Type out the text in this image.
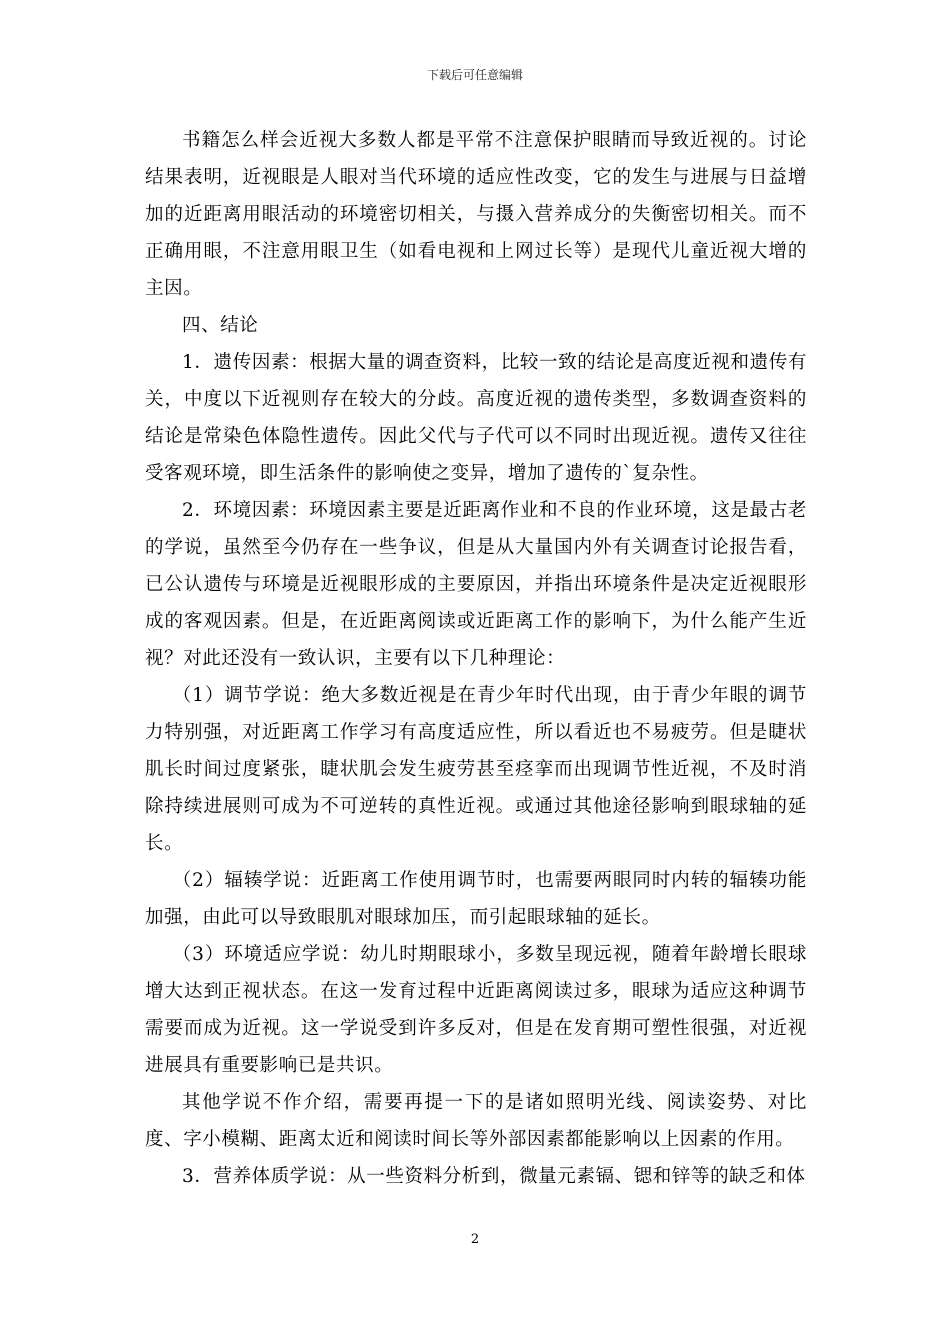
下载后可任意编辑

书籍怎么样会近视大多数人都是平常不注意保护眼睛而导致近视的。讨论结果表明，近视眼是人眼对当代环境的适应性改变，它的发生与进展与日益增加的近距离用眼活动的环境密切相关，与摄入营养成分的失衡密切相关。而不正确用眼，不注意用眼卫生（如看电视和上网过长等）是现代儿童近视大增的主因。

四、结论

1．遗传因素：根据大量的调查资料，比较一致的结论是高度近视和遗传有关，中度以下近视则存在较大的分歧。高度近视的遗传类型，多数调查资料的结论是常染色体隐性遗传。因此父代与子代可以不同时出现近视。遗传又往往受客观环境，即生活条件的影响使之变异，增加了遗传的`复杂性。

2．环境因素：环境因素主要是近距离作业和不良的作业环境，这是最古老的学说，虽然至今仍存在一些争议，但是从大量国内外有关调查讨论报告看，已公认遗传与环境是近视眼形成的主要原因，并指出环境条件是决定近视眼形成的客观因素。但是，在近距离阅读或近距离工作的影响下，为什么能产生近视？对此还没有一致认识，主要有以下几种理论：

（1）调节学说：绝大多数近视是在青少年时代出现，由于青少年眼的调节力特别强，对近距离工作学习有高度适应性，所以看近也不易疲劳。但是睫状肌长时间过度紧张，睫状肌会发生疲劳甚至痉挛而出现调节性近视，不及时消除持续进展则可成为不可逆转的真性近视。或通过其他途径影响到眼球轴的延长。

（2）辐辏学说：近距离工作使用调节时，也需要两眼同时内转的辐辏功能加强，由此可以导致眼肌对眼球加压，而引起眼球轴的延长。

（3）环境适应学说：幼儿时期眼球小，多数呈现远视，随着年龄增长眼球增大达到正视状态。在这一发育过程中近距离阅读过多，眼球为适应这种调节需要而成为近视。这一学说受到许多反对，但是在发育期可塑性很强，对近视进展具有重要影响已是共识。

其他学说不作介绍，需要再提一下的是诸如照明光线、阅读姿势、对比度、字小模糊、距离太近和阅读时间长等外部因素都能影响以上因素的作用。

3．营养体质学说：从一些资料分析到，微量元素镉、锶和锌等的缺乏和体

2
